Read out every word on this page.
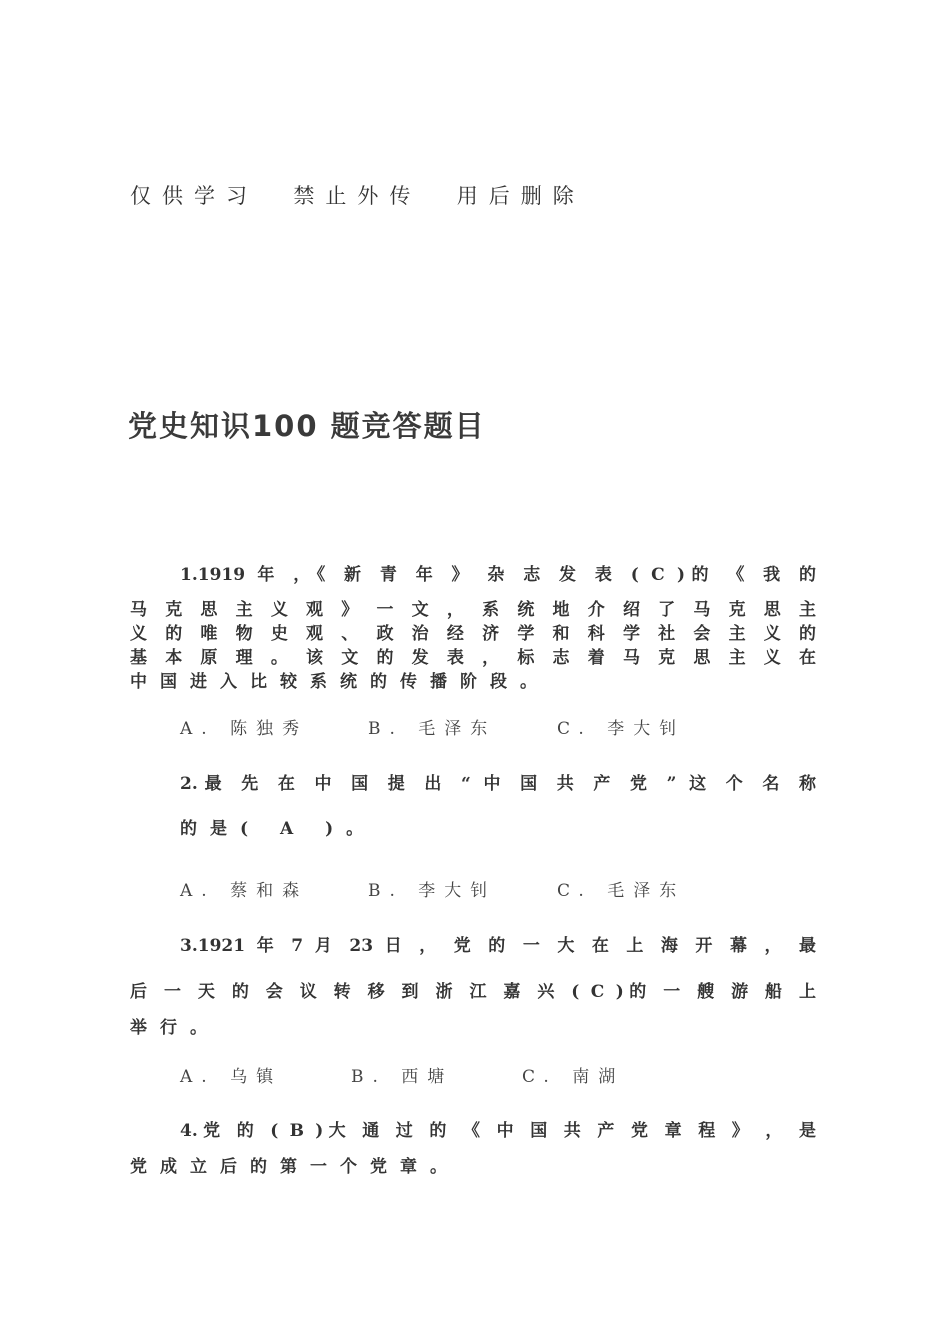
仅供学习  禁止外传  用后删除
党史知识100 题竞答题目
1.1919 年 ，《 新 青 年 》 杂 志 发 表 ( C )的 《 我 的
马 克 思 主 义 观 》 一 文 ， 系 统 地 介 绍 了 马 克 思 主
义 的 唯 物 史 观 、 政 治 经 济 学 和 科 学 社 会 主 义 的
基 本 原 理 。 该 文 的 发 表 ， 标 志 着 马 克 思 主 义 在
中国进入比较系统的传播阶段。
A. 陈独秀	B. 毛泽东	C. 李大钊
2.最 先 在 中 国 提 出 “ 中 国 共 产 党 ” 这 个 名 称
的是( A )。
A. 蔡和森	B. 李大钊	C. 毛泽东
3.1921 年 7 月 23 日 ， 党 的 一 大 在 上 海 开 幕 ， 最
后 一 天 的 会 议 转 移 到 浙 江 嘉 兴 ( C )的 一 艘 游 船 上
举行。
A. 乌镇	B. 西塘	C. 南湖
4.党 的 ( B )大 通 过 的 《 中 国 共 产 党 章 程 》 ， 是
党成立后的第一个党章。
